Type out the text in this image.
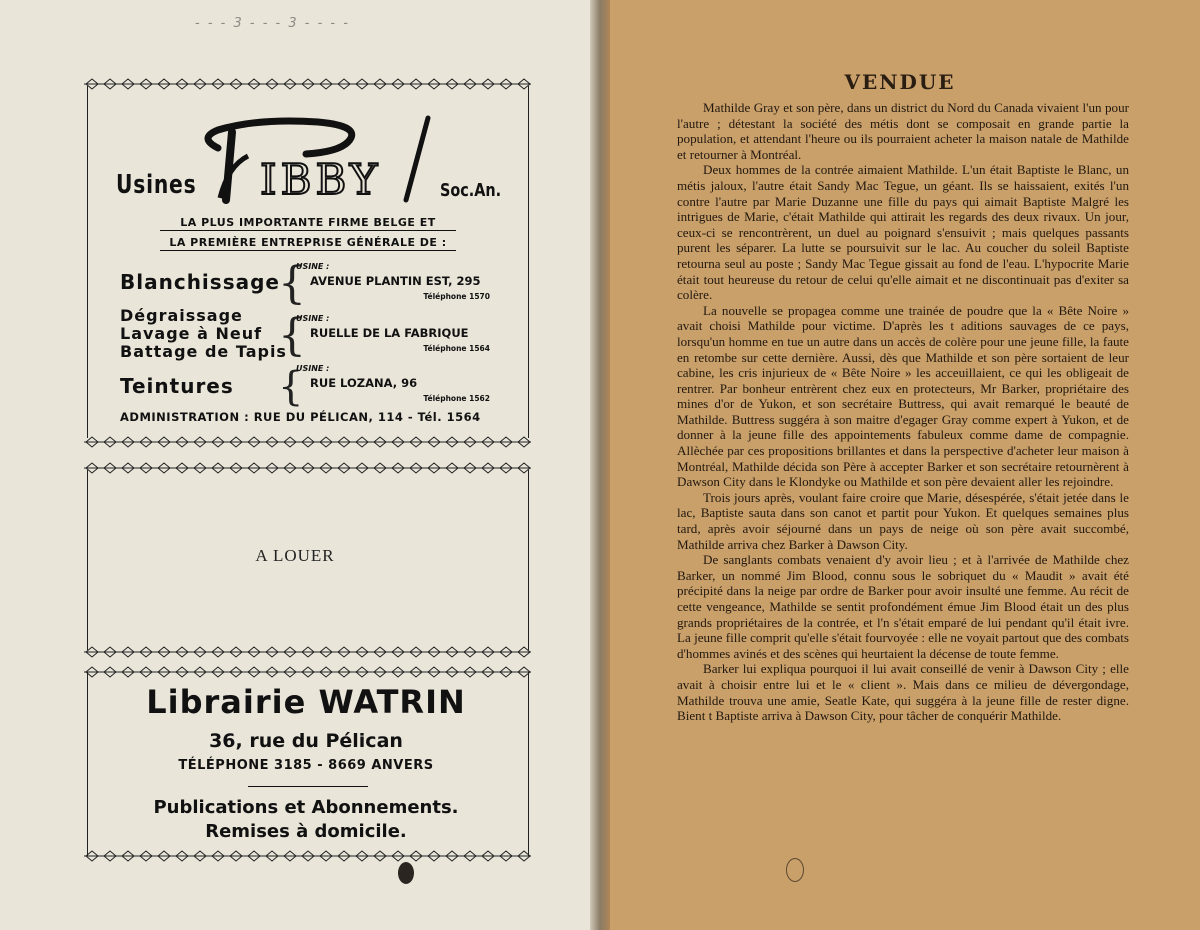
- - - 3 - - - 3 - - - -
Usines IBBY	Soc.An.
LA PLUS IMPORTANTE FIRME BELGE ET
LA PREMIÈRE ENTREPRISE GÉNÉRALE DE :
Blanchissage
Dégraissage
Lavage à Neuf
Battage de Tapis
Teintures
{
{
{
USINE :
AVENUE PLANTIN EST, 295
Téléphone 1570
USINE :
RUELLE DE LA FABRIQUE
Téléphone 1564
USINE :
RUE LOZANA, 96
Téléphone 1562
ADMINISTRATION : RUE DU PÉLICAN, 114 - Tél. 1564
A LOUER
Librairie WATRIN
36, rue du Pélican
TÉLÉPHONE 3185 - 8669 ANVERS
Publications et Abonnements.
Remises à domicile.
VENDUE

Mathilde Gray et son père, dans un district du Nord du Canada vivaient l'un pour l'autre ; détestant la société des métis dont se composait en grande partie la population, et attendant l'heure ou ils pourraient acheter la maison natale de Mathilde et retourner à Montréal.

Deux hommes de la contrée aimaient Mathilde. L'un était Baptiste le Blanc, un métis jaloux, l'autre était Sandy Mac Tegue, un géant. Ils se haissaient, exités l'un contre l'autre par Marie Duzanne une fille du pays qui aimait Baptiste Malgré les intrigues de Marie, c'était Mathilde qui attirait les regards des deux rivaux. Un jour, ceux-ci se rencontrèrent, un duel au poignard s'ensuivit ; mais quelques passants purent les séparer. La lutte se poursuivit sur le lac. Au coucher du soleil Baptiste retourna seul au poste ; Sandy Mac Tegue gissait au fond de l'eau. L'hypocrite Marie était tout heureuse du retour de celui qu'elle aimait et ne discontinuait pas d'exiter sa colère.

La nouvelle se propagea comme une trainée de poudre que la « Bête Noire » avait choisi Mathilde pour victime. D'après les t aditions sauvages de ce pays, lorsqu'un homme en tue un autre dans un accès de colère pour une jeune fille, la faute en retombe sur cette dernière. Aussi, dès que Mathilde et son père sortaient de leur cabine, les cris injurieux de « Bête Noire » les acceuillaient, ce qui les obligeait de rentrer. Par bonheur entrèrent chez eux en protecteurs, Mr Barker, propriétaire des mines d'or de Yukon, et son secrétaire Buttress, qui avait remarqué le beauté de Mathilde. Buttress suggéra à son maitre d'egager Gray comme expert à Yukon, et de donner à la jeune fille des appointements fabuleux comme dame de compagnie. Allèchée par ces propositions brillantes et dans la perspective d'acheter leur maison à Montréal, Mathilde décida son Père à accepter Barker et son secrétaire retournèrent à Dawson City dans le Klondyke ou Mathilde et son père devaient aller les rejoindre.

Trois jours après, voulant faire croire que Marie, désespérée, s'était jetée dans le lac, Baptiste sauta dans son canot et partit pour Yukon. Et quelques semaines plus tard, après avoir séjourné dans un pays de neige où son père avait succombé, Mathilde arriva chez Barker à Dawson City.

De sanglants combats venaient d'y avoir lieu ; et à l'arrivée de Mathilde chez Barker, un nommé Jim Blood, connu sous le sobriquet du « Maudit » avait été précipité dans la neige par ordre de Barker pour avoir insulté une femme. Au récit de cette vengeance, Mathilde se sentit profondément émue Jim Blood était un des plus grands propriétaires de la contrée, et l'n s'était emparé de lui pendant qu'il était ivre. La jeune fille comprit qu'elle s'était fourvoyée : elle ne voyait partout que des combats d'hommes avinés et des scènes qui heurtaient la décense de toute femme.

Barker lui expliqua pourquoi il lui avait conseillé de venir à Dawson City ; elle avait à choisir entre lui et le « client ». Mais dans ce milieu de dévergondage, Mathilde trouva une amie, Seatle Kate, qui suggéra à la jeune fille de rester digne. Bient t Baptiste arriva à Dawson City, pour tâcher de conquérir Mathilde.
